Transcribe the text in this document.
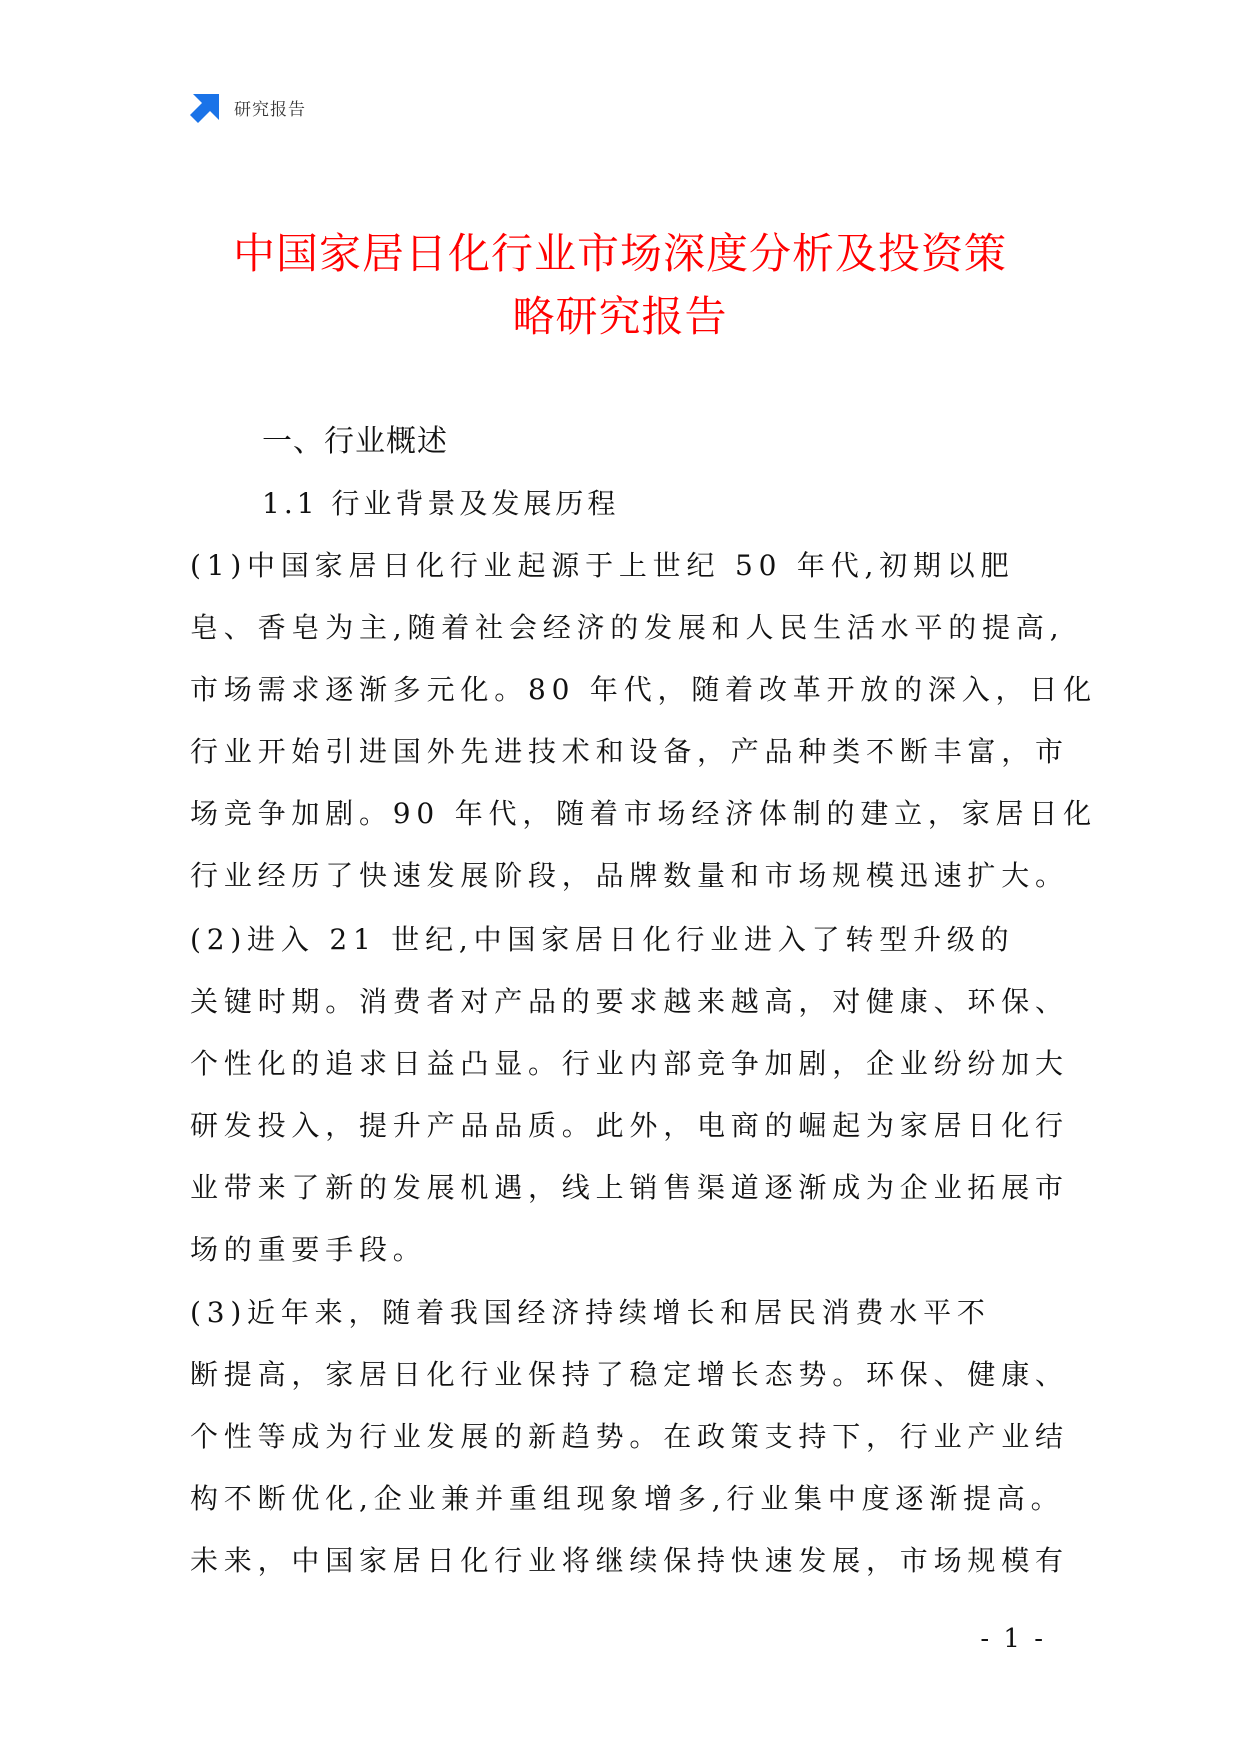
研究报告
中国家居日化行业市场深度分析及投资策
略研究报告
一、行业概述
1.1 行业背景及发展历程
(1)中国家居日化行业起源于上世纪 50 年代,初期以肥
皂、香皂为主,随着社会经济的发展和人民生活水平的提高,
市场需求逐渐多元化。80 年代，随着改革开放的深入，日化
行业开始引进国外先进技术和设备，产品种类不断丰富，市
场竞争加剧。90 年代，随着市场经济体制的建立，家居日化
行业经历了快速发展阶段，品牌数量和市场规模迅速扩大。
(2)进入 21 世纪,中国家居日化行业进入了转型升级的
关键时期。消费者对产品的要求越来越高，对健康、环保、
个性化的追求日益凸显。行业内部竞争加剧，企业纷纷加大
研发投入，提升产品品质。此外，电商的崛起为家居日化行
业带来了新的发展机遇，线上销售渠道逐渐成为企业拓展市
场的重要手段。
(3)近年来，随着我国经济持续增长和居民消费水平不
断提高，家居日化行业保持了稳定增长态势。环保、健康、
个性等成为行业发展的新趋势。在政策支持下，行业产业结
构不断优化,企业兼并重组现象增多,行业集中度逐渐提高。
未来，中国家居日化行业将继续保持快速发展，市场规模有
- 1 -
